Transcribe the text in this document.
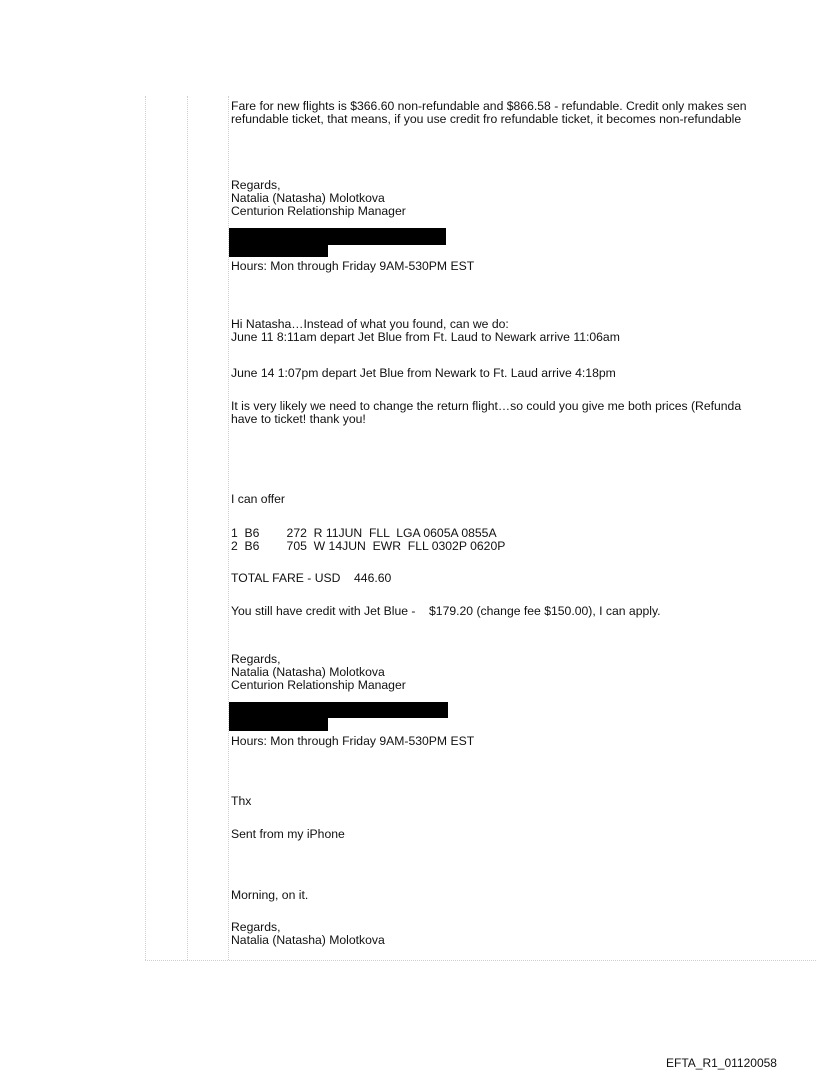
Fare for new flights is $366.60 non-refundable and $866.58 - refundable. Credit only makes sen
refundable ticket, that means, if you use credit fro refundable ticket, it becomes non-refundable
Regards,
Natalia (Natasha) Molotkova
Centurion Relationship Manager
Hours: Mon through Friday 9AM-530PM EST
Hi Natasha…Instead of what you found, can we do:
June 11 8:11am depart Jet Blue from Ft. Laud to Newark arrive 11:06am
June 14 1:07pm depart Jet Blue from Newark to Ft. Laud arrive 4:18pm
It is very likely we need to change the return flight…so could you give me both prices (Refunda
have to ticket! thank you!
I can offer
1  B6        272  R 11JUN  FLL  LGA 0605A 0855A
2  B6        705  W 14JUN  EWR  FLL 0302P 0620P
TOTAL FARE - USD    446.60
You still have credit with Jet Blue -    $179.20 (change fee $150.00), I can apply.
Regards,
Natalia (Natasha) Molotkova
Centurion Relationship Manager
Hours: Mon through Friday 9AM-530PM EST
Thx
Sent from my iPhone
Morning, on it.
Regards,
Natalia (Natasha) Molotkova
EFTA_R1_01120058
